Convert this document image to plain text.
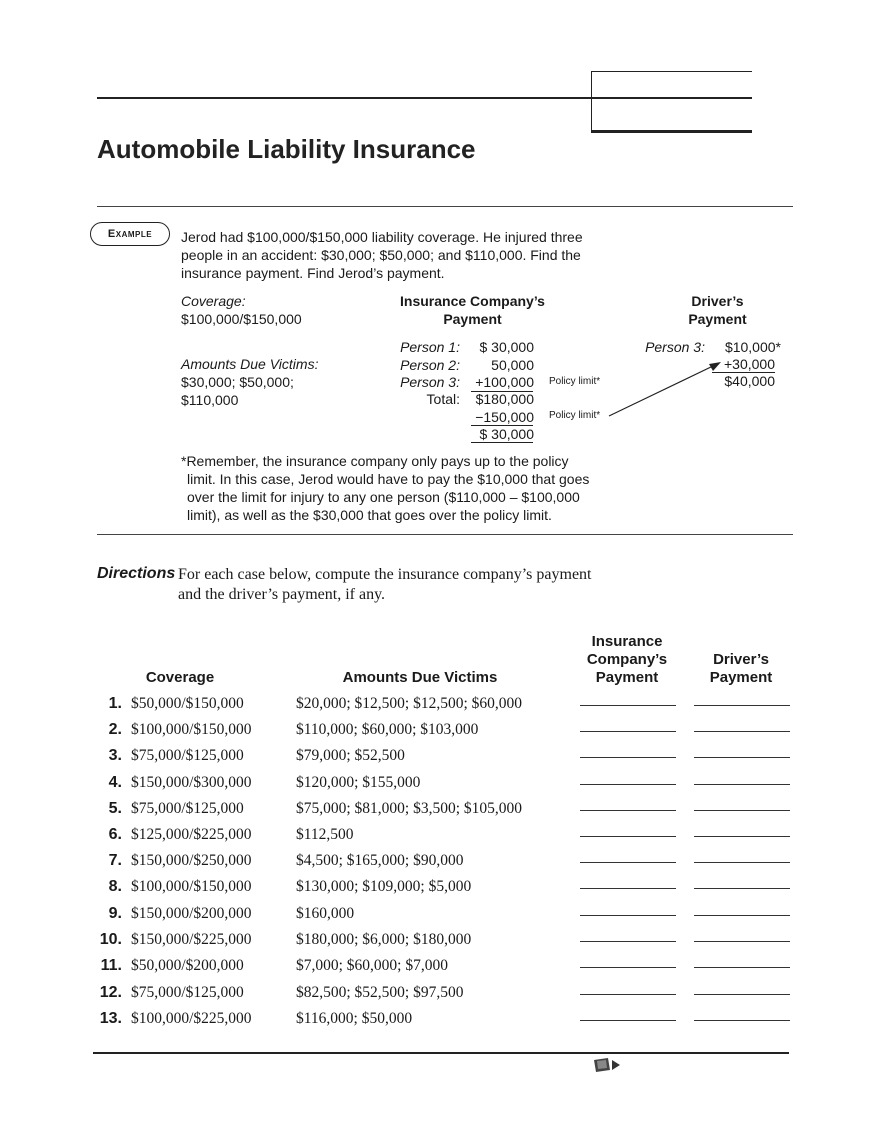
Automobile Liability Insurance
Example	Jerod had $100,000/$150,000 liability coverage. He injured three
people in an accident: $30,000; $50,000; and $110,000. Find the
insurance payment. Find Jerod’s payment.
Coverage:
$100,000/$150,000
Insurance Company’s
Payment
Driver’s
Payment
Amounts Due Victims:
$30,000; $50,000;
$110,000
Person 1:	$ 30,000
Person 2:	50,000
Person 3:	+100,000 Policy limit*
Total:	$180,000
−150,000 Policy limit*
$ 30,000
Person 3:	$10,000*
+30,000
$40,000
*Remember, the insurance company only pays up to the policy
limit. In this case, Jerod would have to pay the $10,000 that goes
over the limit for injury to any one person ($110,000 – $100,000
limit), as well as the $30,000 that goes over the policy limit.
Directions For each case below, compute the insurance company’s payment
and the driver’s payment, if any.
Coverage	Amounts Due Victims
Insurance
Company’s
Payment
Driver’s
Payment
1. $50,000/$150,000	$20,000; $12,500; $12,500; $60,000
2. $100,000/$150,000	$110,000; $60,000; $103,000
3. $75,000/$125,000	$79,000; $52,500
4. $150,000/$300,000	$120,000; $155,000
5. $75,000/$125,000	$75,000; $81,000; $3,500; $105,000
6. $125,000/$225,000	$112,500
7. $150,000/$250,000	$4,500; $165,000; $90,000
8. $100,000/$150,000	$130,000; $109,000; $5,000
9. $150,000/$200,000	$160,000
10. $150,000/$225,000	$180,000; $6,000; $180,000
11. $50,000/$200,000	$7,000; $60,000; $7,000
12. $75,000/$125,000	$82,500; $52,500; $97,500
13. $100,000/$225,000	$116,000; $50,000
